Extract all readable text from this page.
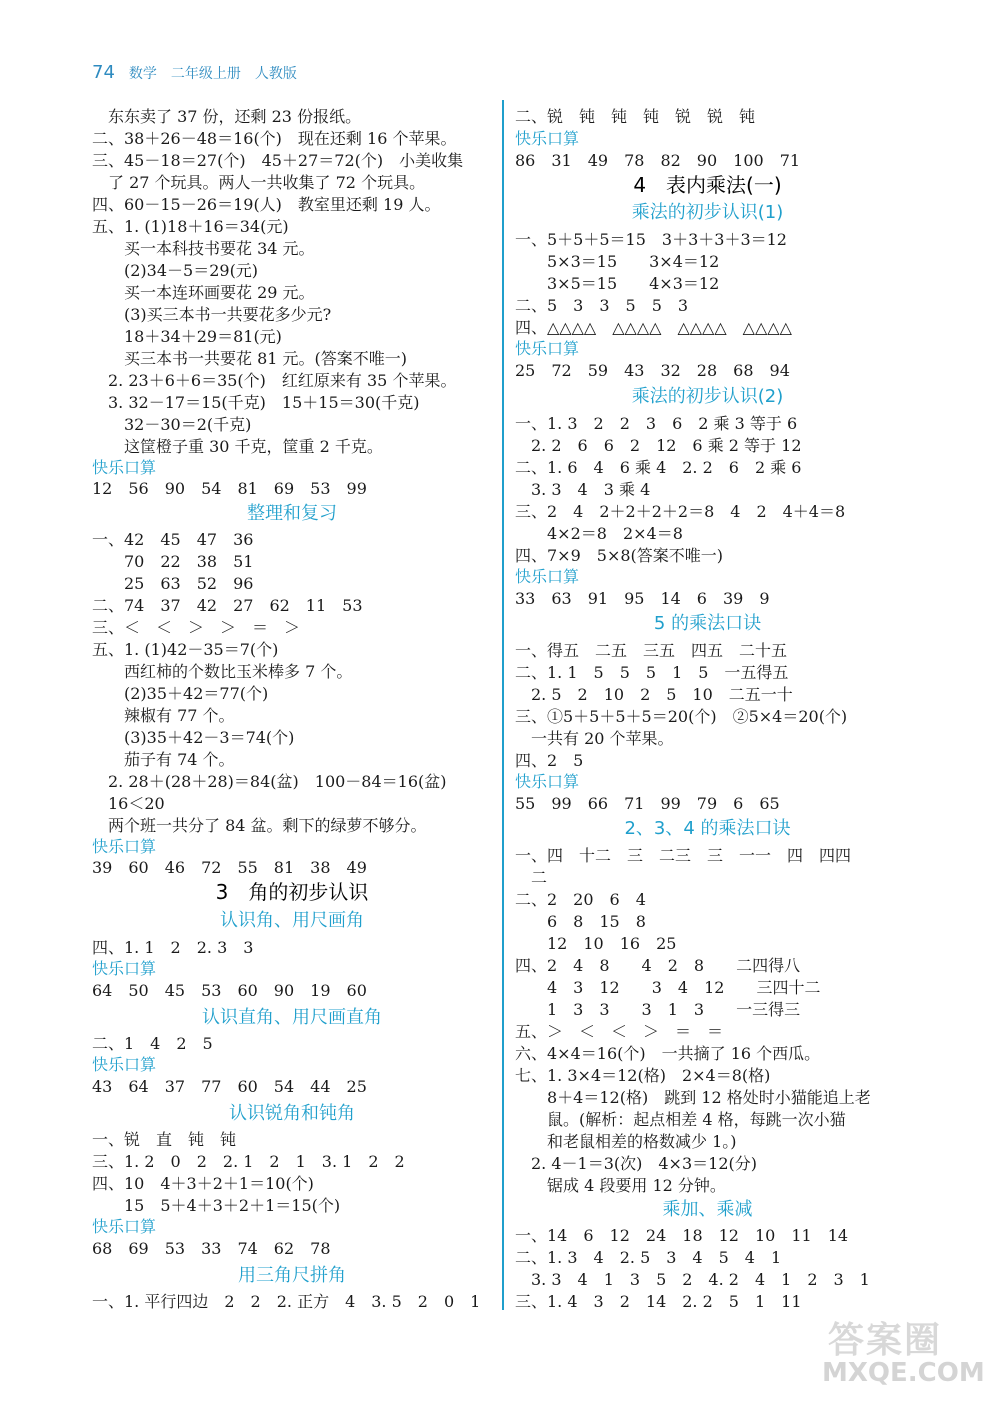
74 数学　二年级上册　人教版
　东东卖了 37 份，还剩 23 份报纸。
二、38＋26－48＝16(个)　现在还剩 16 个苹果。
三、45－18＝27(个)　45＋27＝72(个)　小美收集
　了 27 个玩具。两人一共收集了 72 个玩具。
四、60－15－26＝19(人)　教室里还剩 19 人。
五、1. (1)18＋16＝34(元)
　　买一本科技书要花 34 元。
　　(2)34－5＝29(元)
　　买一本连环画要花 29 元。
　　(3)买三本书一共要花多少元?
　　18＋34＋29＝81(元)
　　买三本书一共要花 81 元。(答案不唯一)
　2. 23＋6＋6＝35(个)　红红原来有 35 个苹果。
　3. 32－17＝15(千克)　15＋15＝30(千克)
　　32－30＝2(千克)
　　这筐橙子重 30 千克，筐重 2 千克。
快乐口算
12　56　90　54　81　69　53　99
整理和复习
一、42　45　47　36
　　70　22　38　51
　　25　63　52　96
二、74　37　42　27　62　11　53
三、＜　＜　＞　＞　＝　＞
五、1. (1)42－35＝7(个)
　　西红柿的个数比玉米棒多 7 个。
　　(2)35＋42＝77(个)
　　辣椒有 77 个。
　　(3)35＋42－3＝74(个)
　　茄子有 74 个。
　2. 28＋(28＋28)＝84(盆)　100－84＝16(盆)
　16＜20
　两个班一共分了 84 盆。剩下的绿萝不够分。
快乐口算
39　60　46　72　55　81　38　49
3　角的初步认识
认识角、用尺画角
四、1. 1　2　2. 3　3
快乐口算
64　50　45　53　60　90　19　60
认识直角、用尺画直角
二、1　4　2　5
快乐口算
43　64　37　77　60　54　44　25
认识锐角和钝角
一、锐　直　钝　钝
三、1. 2　0　2　2. 1　2　1　3. 1　2　2
四、10　4＋3＋2＋1＝10(个)
　　15　5＋4＋3＋2＋1＝15(个)
快乐口算
68　69　53　33　74　62　78
用三角尺拼角
一、1. 平行四边　2　2　2. 正方　4　3. 5　2　0　1
二、锐　钝　钝　钝　锐　锐　钝
快乐口算
86　31　49　78　82　90　100　71
4　表内乘法(一)
乘法的初步认识(1)
一、5＋5＋5＝15　3＋3＋3＋3＝12
　　5×3＝15　　3×4＝12
　　3×5＝15　　4×3＝12
二、5　3　3　5　5　3
四、△△△△　△△△△　△△△△　△△△△
快乐口算
25　72　59　43　32　28　68　94
乘法的初步认识(2)
一、1. 3　2　2　3　6　2 乘 3 等于 6
　2. 2　6　6　2　12　6 乘 2 等于 12
二、1. 6　4　6 乘 4　2. 2　6　2 乘 6
　3. 3　4　3 乘 4
三、2　4　2＋2＋2＋2＝8　4　2　4＋4＝8
　　4×2＝8　2×4＝8
四、7×9　5×8(答案不唯一)
快乐口算
33　63　91　95　14　6　39　9
5 的乘法口诀
一、得五　二五　三五　四五　二十五
二、1. 1　5　5　5　1　5　一五得五
　2. 5　2　10　2　5　10　二五一十
三、①5＋5＋5＋5＝20(个)　②5×4＝20(个)
　一共有 20 个苹果。
四、2　5
快乐口算
55　99　66　71　99　79　6　65
2、3、4 的乘法口诀
一、四　十二　三　二三　三　一一　四　四四
　二
二、2　20　6　4
　　6　8　15　8
　　12　10　16　25
四、2　4　8　　4　2　8　　二四得八
　　4　3　12　　3　4　12　　三四十二
　　1　3　3　　3　1　3　　一三得三
五、＞　＜　＜　＞　＝　＝
六、4×4＝16(个)　一共摘了 16 个西瓜。
七、1. 3×4＝12(格)　2×4＝8(格)
　　8＋4＝12(格)　跳到 12 格处时小猫能追上老
　　鼠。(解析：起点相差 4 格，每跳一次小猫
　　和老鼠相差的格数减少 1。)
　2. 4－1＝3(次)　4×3＝12(分)
　　锯成 4 段要用 12 分钟。
乘加、乘减
一、14　6　12　24　18　12　10　11　14
二、1. 3　4　2. 5　3　4　5　4　1
　3. 3　4　1　3　5　2　4. 2　4　1　2　3　1
三、1. 4　3　2　14　2. 2　5　1　11
答案圈
MXQE.COM
